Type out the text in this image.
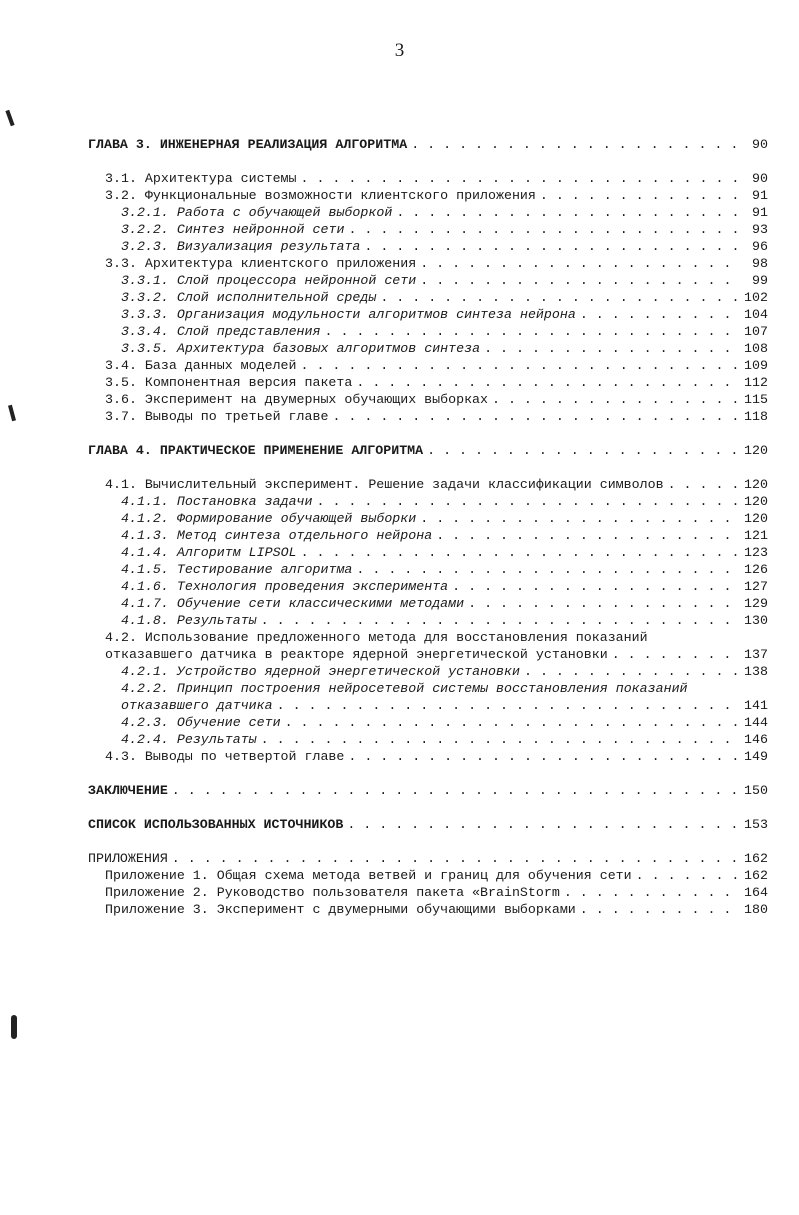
3
ГЛАВА 3. ИНЖЕНЕРНАЯ РЕАЛИЗАЦИЯ АЛГОРИТМА . . .	90
3.1. Архитектура системы . . .	90
3.2. Функциональные возможности клиентского приложения . . .	91
3.2.1. Работа с обучающей выборкой . . .	91
3.2.2. Синтез нейронной сети . . .	93
3.2.3. Визуализация результата . . .	96
3.3. Архитектура клиентского приложения . . .	98
3.3.1. Слой процессора нейронной сети . . .	99
3.3.2. Слой исполнительной среды . . .	102
3.3.3. Организация модульности алгоритмов синтеза нейрона . . .	104
3.3.4. Слой представления . . .	107
3.3.5. Архитектура базовых алгоритмов синтеза . . .	108
3.4. База данных моделей . . .	109
3.5. Компонентная версия пакета . . .	112
3.6. Эксперимент на двумерных обучающих выборках . . .	115
3.7. Выводы по третьей главе . . .	118
ГЛАВА 4. ПРАКТИЧЕСКОЕ ПРИМЕНЕНИЕ АЛГОРИТМА . . .	120
4.1. Вычислительный эксперимент. Решение задачи классификации символов . . .	120
4.1.1. Постановка задачи . . .	120
4.1.2. Формирование обучающей выборки . . .	120
4.1.3. Метод синтеза отдельного нейрона . . .	121
4.1.4. Алгоритм LIPSOL . . .	123
4.1.5. Тестирование алгоритма . . .	126
4.1.6. Технология проведения эксперимента . . .	127
4.1.7. Обучение сети классическими методами . . .	129
4.1.8. Результаты . . .	130
4.2. Использование предложенного метода для восстановления показаний
отказавшего датчика в реакторе ядерной энергетической установки . . .	137
4.2.1. Устройство ядерной энергетической установки . . .	138
4.2.2. Принцип построения нейросетевой системы восстановления показаний
отказавшего датчика . . .	141
4.2.3. Обучение сети . . .	144
4.2.4. Результаты . . .	146
4.3. Выводы по четвертой главе . . .	149
ЗАКЛЮЧЕНИЕ . . .	150
СПИСОК ИСПОЛЬЗОВАННЫХ ИСТОЧНИКОВ . . .	153
ПРИЛОЖЕНИЯ . . .	162
Приложение 1. Общая схема метода ветвей и границ для обучения сети . . .	162
Приложение 2. Руководство пользователя пакета «BrainStorm . . .	164
Приложение 3. Эксперимент с двумерными обучающими выборками . . .	180
